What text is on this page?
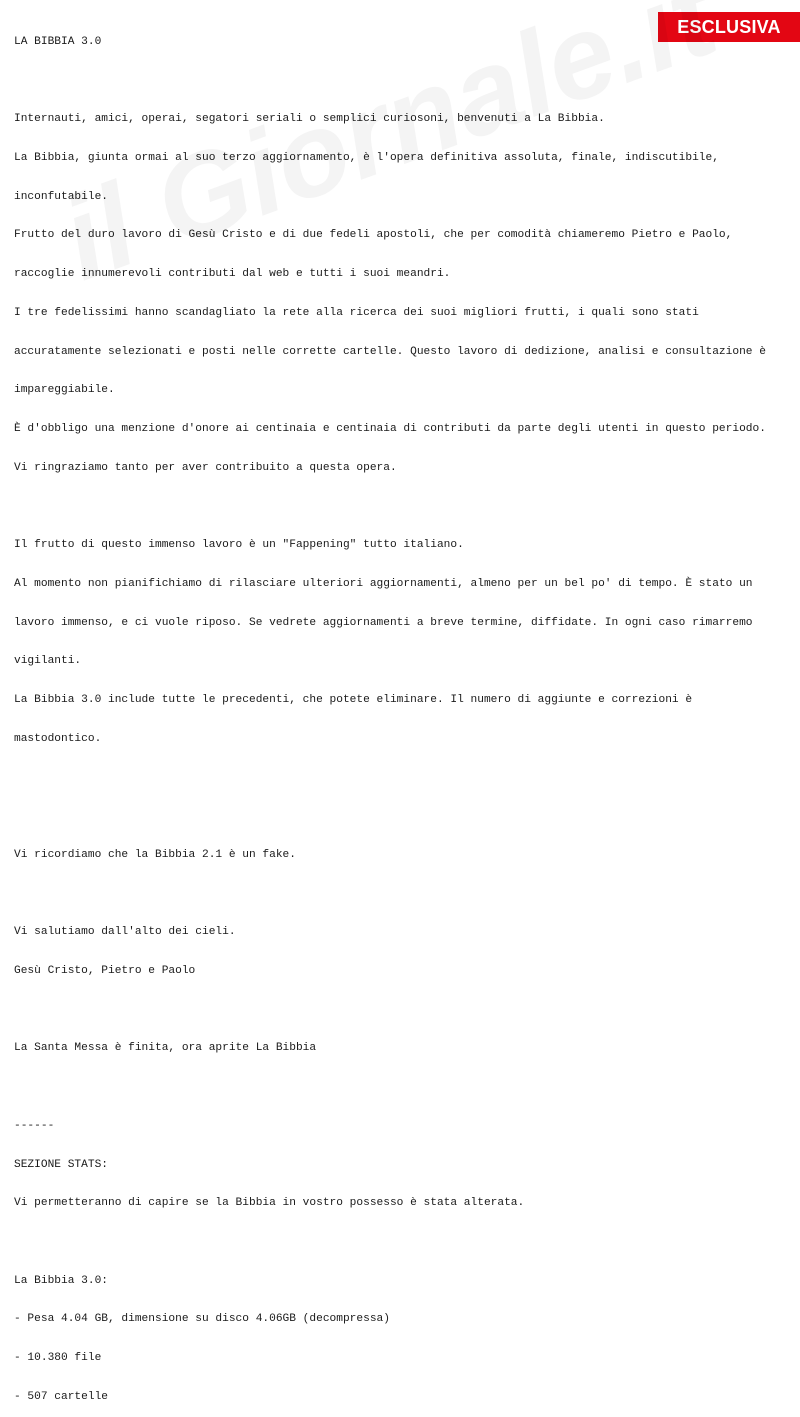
ESCLUSIVA

LA BIBBIA 3.0

Internauti, amici, operai, segatori seriali o semplici curiosoni, benvenuti a La Bibbia.

La Bibbia, giunta ormai al suo terzo aggiornamento, è l'opera definitiva assoluta, finale, indiscutibile,

inconfutabile.

Frutto del duro lavoro di Gesù Cristo e di due fedeli apostoli, che per comodità chiameremo Pietro e Paolo,

raccoglie innumerevoli contributi dal web e tutti i suoi meandri.

I tre fedelissimi hanno scandagliato la rete alla ricerca dei suoi migliori frutti, i quali sono stati

accuratamente selezionati e posti nelle corrette cartelle. Questo lavoro di dedizione, analisi e consultazione è

impareggiabile.

È d'obbligo una menzione d'onore ai centinaia e centinaia di contributi da parte degli utenti in questo periodo.

Vi ringraziamo tanto per aver contribuito a questa opera.

Il frutto di questo immenso lavoro è un "Fappening" tutto italiano.

Al momento non pianifichiamo di rilasciare ulteriori aggiornamenti, almeno per un bel po' di tempo. È stato un

lavoro immenso, e ci vuole riposo. Se vedrete aggiornamenti a breve termine, diffidate. In ogni caso rimarremo

vigilanti.

La Bibbia 3.0 include tutte le precedenti, che potete eliminare. Il numero di aggiunte e correzioni è

mastodontico.

Vi ricordiamo che la Bibbia 2.1 è un fake.

Vi salutiamo dall'alto dei cieli.

Gesù Cristo, Pietro e Paolo

La Santa Messa è finita, ora aprite La Bibbia

------

SEZIONE STATS:

Vi permetteranno di capire se la Bibbia in vostro possesso è stata alterata.

La Bibbia 3.0:

- Pesa 4.04 GB, dimensione su disco 4.06GB (decompressa)

- 10.380 file

- 507 cartelle
